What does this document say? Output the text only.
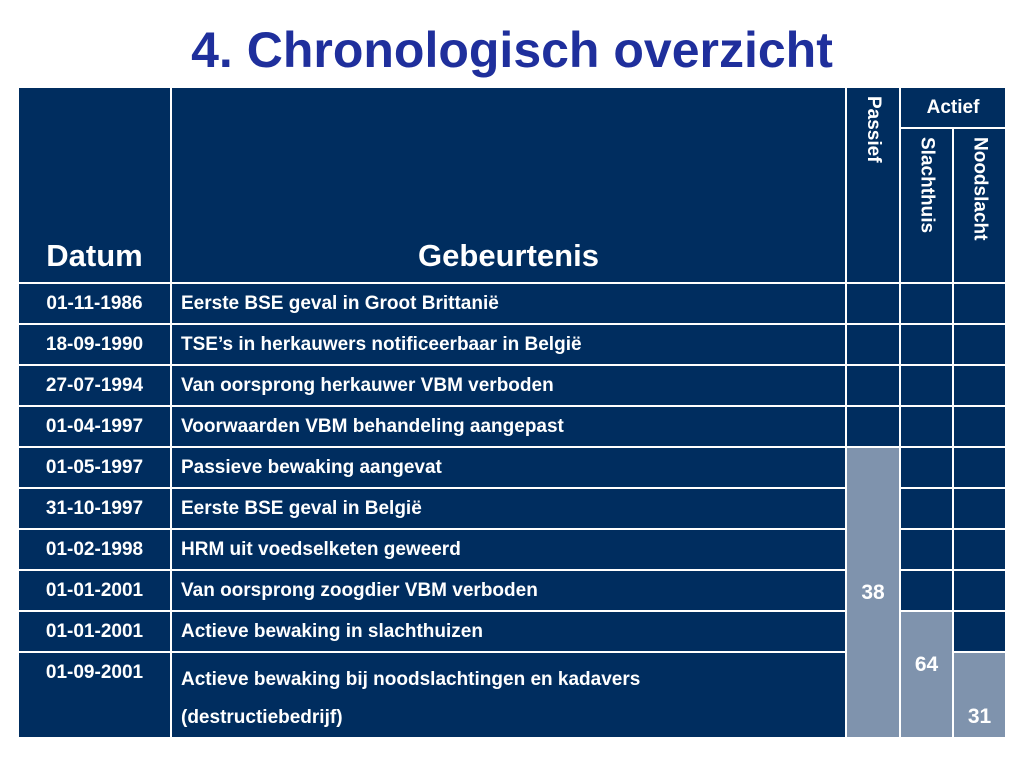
4. Chronologisch overzicht
Datum	Gebeurtenis	Passief	Actief	
			Slachthuis	Noodslacht
01-11-1986	Eerste BSE geval in Groot Brittanië			
18-09-1990	TSE’s in herkauwers notificeerbaar in België			
27-07-1994	Van oorsprong herkauwer VBM verboden			
01-04-1997	Voorwaarden VBM behandeling aangepast			
01-05-1997	Passieve bewaking aangevat	38		
31-10-1997	Eerste BSE geval in België			
01-02-1998	HRM uit voedselketen geweerd			
01-01-2001	Van oorsprong zoogdier VBM verboden			
01-01-2001	Actieve bewaking in slachthuizen		64	
01-09-2001	Actieve bewaking bij noodslachtingen en kadavers
(destructiebedrijf)			31
